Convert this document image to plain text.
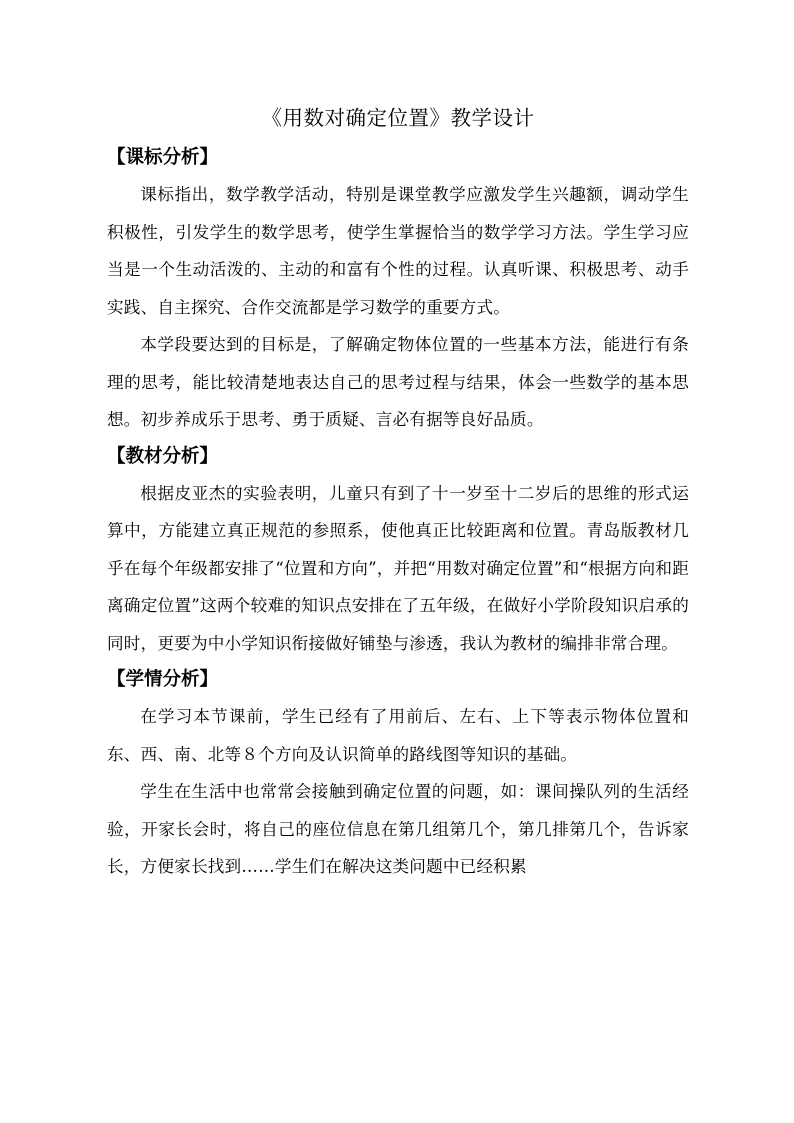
《用数对确定位置》教学设计
【课标分析】

课标指出，数学教学活动，特别是课堂教学应激发学生兴趣额，调动学生积极性，引发学生的数学思考，使学生掌握恰当的数学学习方法。学生学习应当是一个生动活泼的、主动的和富有个性的过程。认真听课、积极思考、动手实践、自主探究、合作交流都是学习数学的重要方式。

本学段要达到的目标是，了解确定物体位置的一些基本方法，能进行有条理的思考，能比较清楚地表达自己的思考过程与结果，体会一些数学的基本思想。初步养成乐于思考、勇于质疑、言必有据等良好品质。

【教材分析】

根据皮亚杰的实验表明，儿童只有到了十一岁至十二岁后的思维的形式运算中，方能建立真正规范的参照系，使他真正比较距离和位置。青岛版教材几乎在每个年级都安排了“位置和方向”，并把“用数对确定位置”和“根据方向和距离确定位置”这两个较难的知识点安排在了五年级，在做好小学阶段知识启承的同时，更要为中小学知识衔接做好铺垫与渗透，我认为教材的编排非常合理。

【学情分析】

在学习本节课前，学生已经有了用前后、左右、上下等表示物体位置和东、西、南、北等８个方向及认识简单的路线图等知识的基础。

学生在生活中也常常会接触到确定位置的问题，如：课间操队列的生活经验，开家长会时，将自己的座位信息在第几组第几个，第几排第几个，告诉家长，方便家长找到……学生们在解决这类问题中已经积累
